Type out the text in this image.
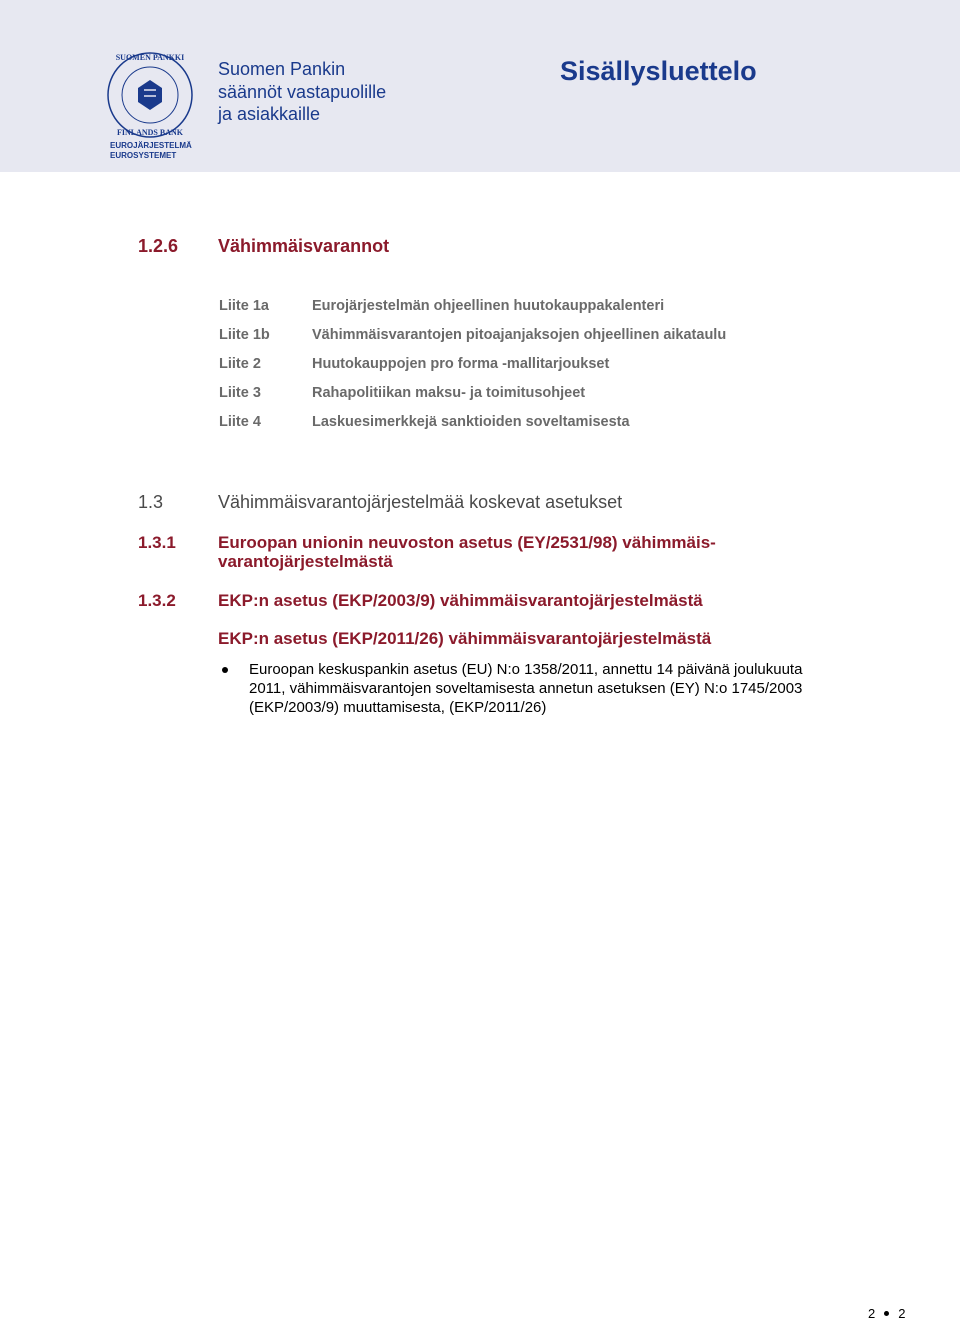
SUOMEN PANKKI
FINLANDS BANK
EUROJÄRJESTELMÄ
EUROSYSTEMET
Suomen Pankin
säännöt vastapuolille
ja asiakkaille
Sisällysluettelo
1.2.6 Vähimmäisvarannot
Liite 1a	Eurojärjestelmän ohjeellinen huutokauppakalenteri
Liite 1b	Vähimmäisvarantojen pitoajanjaksojen ohjeellinen aikataulu
Liite 2	Huutokauppojen pro forma -mallitarjoukset
Liite 3	Rahapolitiikan maksu- ja toimitusohjeet
Liite 4	Laskuesimerkkejä sanktioiden soveltamisesta
1.3	Vähimmäisvarantojärjestelmää koskevat asetukset
1.3.1 Euroopan unionin neuvoston asetus (EY/2531/98) vähimmäis-
varantojärjestelmästä
1.3.2 EKP:n asetus (EKP/2003/9) vähimmäisvarantojärjestelmästä
EKP:n asetus (EKP/2011/26) vähimmäisvarantojärjestelmästä
Euroopan keskuspankin asetus (EU) N:o 1358/2011, annettu 14 päivänä joulukuuta
2011, vähimmäisvarantojen soveltamisesta annetun asetuksen (EY) N:o 1745/2003
(EKP/2003/9) muuttamisesta, (EKP/2011/26)
2 2
